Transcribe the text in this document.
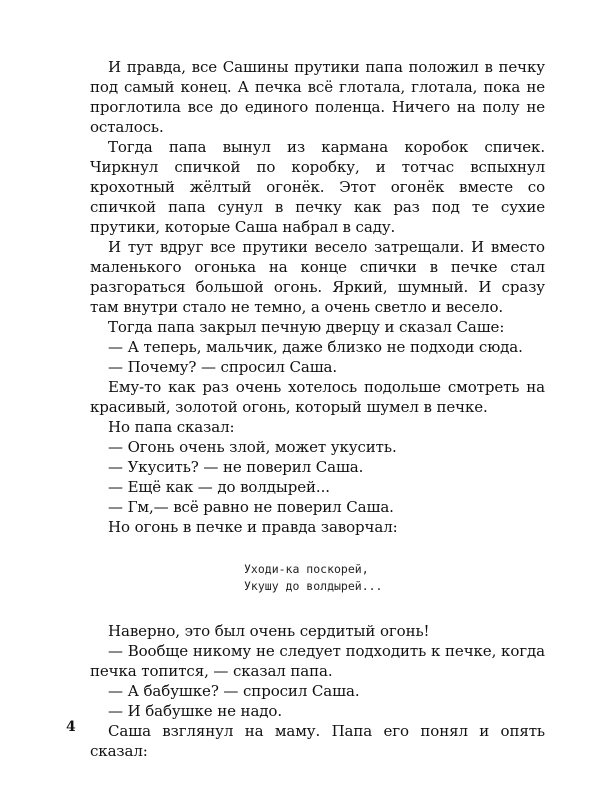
И правда, все Сашины прутики папа положил в печку под самый конец. А печка всё глотала, глотала, пока не проглотила все до единого поленца. Ничего на полу не осталось.

Тогда папа вынул из кармана коробок спичек. Чиркнул спичкой по коробку, и тотчас вспыхнул крохотный жёлтый огонёк. Этот огонёк вместе со спичкой папа сунул в печку как раз под те сухие прутики, которые Саша набрал в саду.

И тут вдруг все прутики весело затрещали. И вместо маленького огонька на конце спички в печке стал разгораться большой огонь. Яркий, шумный. И сразу там внутри стало не темно, а очень светло и весело.

Тогда папа закрыл печную дверцу и сказал Саше:

— А теперь, мальчик, даже близко не подходи сюда.

— Почему? — спросил Саша.

Ему-то как раз очень хотелось подольше смотреть на красивый, золотой огонь, который шумел в печке.

Но папа сказал:

— Огонь очень злой, может укусить.

— Укусить? — не поверил Саша.

— Ещё как — до волдырей...

— Гм,— всё равно не поверил Саша.

Но огонь в печке и правда заворчал:

Уходи-ка поскорей,
Укушу до волдырей...

Наверно, это был очень сердитый огонь!

— Вообще никому не следует подходить к печке, когда печка топится, — сказал папа.

— А бабушке? — спросил Саша.

— И бабушке не надо.

Саша взглянул на маму. Папа его понял и опять сказал:

4
